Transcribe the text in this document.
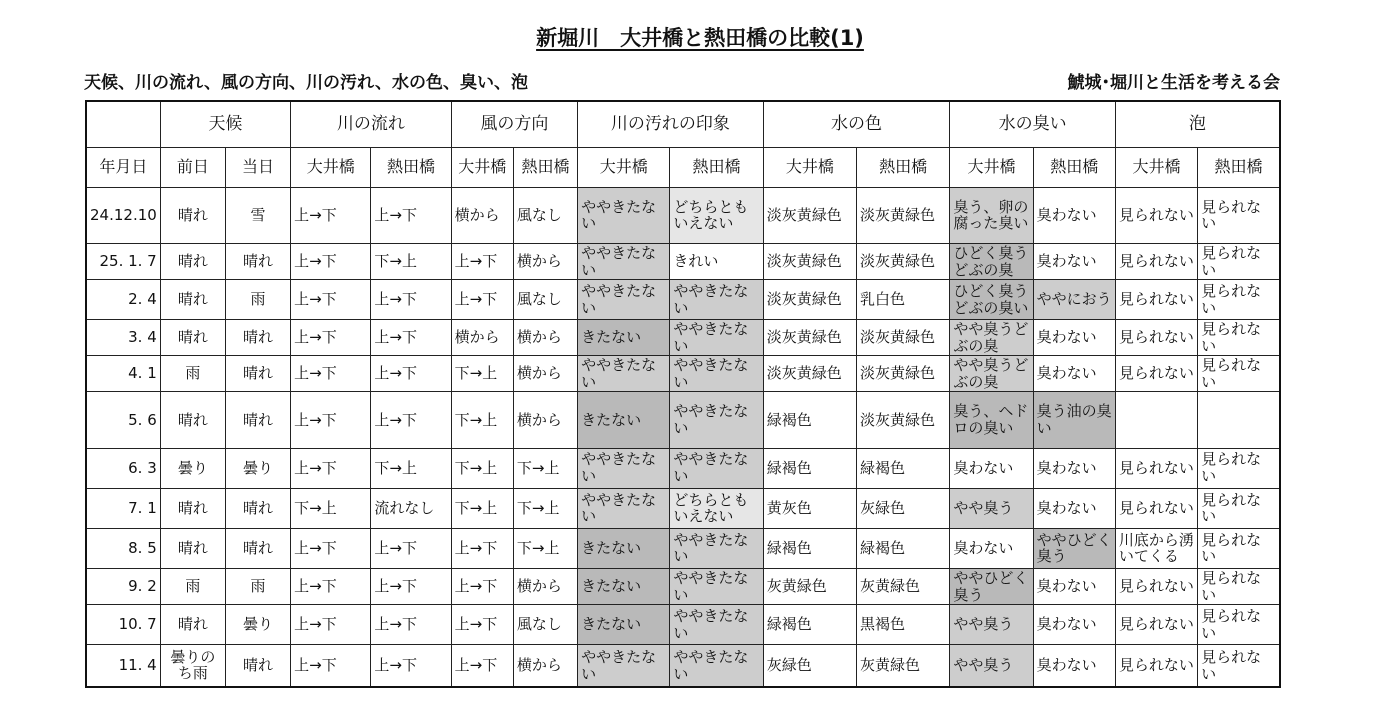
新堀川　大井橋と熱田橋の比較(1)
天候、川の流れ、風の方向、川の汚れ、水の色、臭い、泡	鯱城･堀川と生活を考える会
	天候		川の流れ		風の方向		川の汚れの印象		水の色		水の臭い		泡	
年月日	前日	当日	大井橋	熱田橋	大井橋	熱田橋	大井橋	熱田橋	大井橋	熱田橋	大井橋	熱田橋	大井橋	熱田橋
24.12.10	晴れ	雪	上→下	上→下	横から	風なし	ややきたない	どちらともいえない	淡灰黄緑色	淡灰黄緑色	臭う、卵の腐った臭い	臭わない	見られない	見られない
25. 1. 7	晴れ	晴れ	上→下	下→上	上→下	横から	ややきたない	きれい	淡灰黄緑色	淡灰黄緑色	ひどく臭うどぶの臭	臭わない	見られない	見られない
2. 4	晴れ	雨	上→下	上→下	上→下	風なし	ややきたない	ややきたない	淡灰黄緑色	乳白色	ひどく臭うどぶの臭い	ややにおう	見られない	見られない
3. 4	晴れ	晴れ	上→下	上→下	横から	横から	きたない	ややきたない	淡灰黄緑色	淡灰黄緑色	やや臭うどぶの臭	臭わない	見られない	見られない
4. 1	雨	晴れ	上→下	上→下	下→上	横から	ややきたない	ややきたない	淡灰黄緑色	淡灰黄緑色	やや臭うどぶの臭	臭わない	見られない	見られない
5. 6	晴れ	晴れ	上→下	上→下	下→上	横から	きたない	ややきたない	緑褐色	淡灰黄緑色	臭う、ヘドロの臭い	臭う油の臭い		
6. 3	曇り	曇り	上→下	下→上	下→上	下→上	ややきたない	ややきたない	緑褐色	緑褐色	臭わない	臭わない	見られない	見られない
7. 1	晴れ	晴れ	下→上	流れなし	下→上	下→上	ややきたない	どちらともいえない	黄灰色	灰緑色	やや臭う	臭わない	見られない	見られない
8. 5	晴れ	晴れ	上→下	上→下	上→下	下→上	きたない	ややきたない	緑褐色	緑褐色	臭わない	ややひどく臭う	川底から湧いてくる	見られない
9. 2	雨	雨	上→下	上→下	上→下	横から	きたない	ややきたない	灰黄緑色	灰黄緑色	ややひどく臭う	臭わない	見られない	見られない
10. 7	晴れ	曇り	上→下	上→下	上→下	風なし	きたない	ややきたない	緑褐色	黒褐色	やや臭う	臭わない	見られない	見られない
11. 4	曇りのち雨	晴れ	上→下	上→下	上→下	横から	ややきたない	ややきたない	灰緑色	灰黄緑色	やや臭う	臭わない	見られない	見られない
